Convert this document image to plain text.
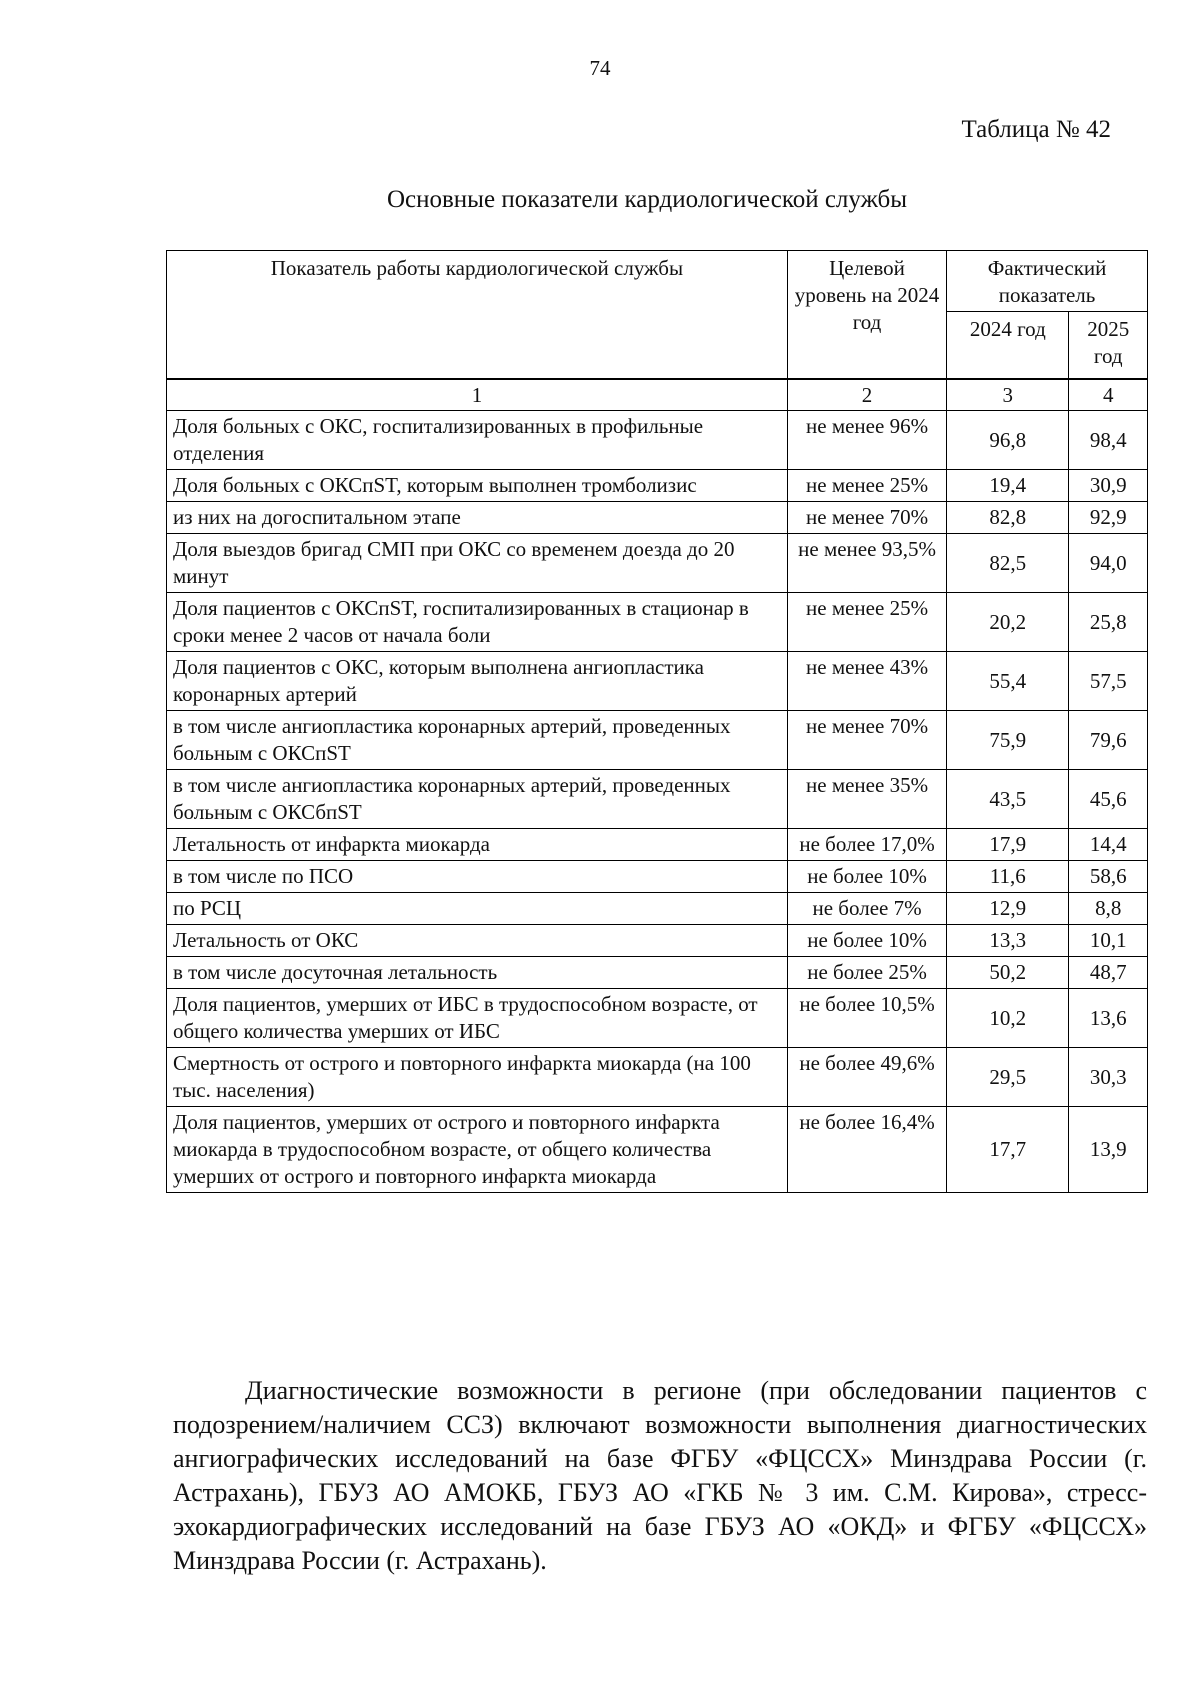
74
Таблица № 42
Основные показатели кардиологической службы
Показатель работы кардиологической службы	Целевой уровень на 2024 год	Фактический показатель	
		2024 год	2025 год
1	2	3	4
Доля больных с ОКС, госпитализированных в профильные отделения	не менее 96%	96,8	98,4
Доля больных с ОКСпST, которым выполнен тромболизис	не менее 25%	19,4	30,9
из них на догоспитальном этапе	не менее 70%	82,8	92,9
Доля выездов бригад СМП при ОКС со временем доезда до 20 минут	не менее 93,5%	82,5	94,0
Доля пациентов с ОКСпST, госпитализированных в стационар в сроки менее 2 часов от начала боли	не менее 25%	20,2	25,8
Доля пациентов с ОКС, которым выполнена ангиопластика коронарных артерий	не менее 43%	55,4	57,5
в том числе ангиопластика коронарных артерий, проведенных больным с ОКСпST	не менее 70%	75,9	79,6
в том числе ангиопластика коронарных артерий, проведенных больным с ОКСбпST	не менее 35%	43,5	45,6
Летальность от инфаркта миокарда	не более 17,0%	17,9	14,4
в том числе по ПСО	не более 10%	11,6	58,6
по РСЦ	не более 7%	12,9	8,8
Летальность от ОКС	не более 10%	13,3	10,1
в том числе досуточная летальность	не более 25%	50,2	48,7
Доля пациентов, умерших от ИБС в трудоспособном возрасте, от общего количества умерших от ИБС	не более 10,5%	10,2	13,6
Смертность от острого и повторного инфаркта миокарда (на 100 тыс. населения)	не более 49,6%	29,5	30,3
Доля пациентов, умерших от острого и повторного инфаркта миокарда в трудоспособном возрасте, от общего количества умерших от острого и повторного инфаркта миокарда	не более 16,4%	17,7	13,9
Диагностические возможности в регионе (при обследовании пациентов с подозрением/наличием ССЗ) включают возможности выполнения диагностических ангиографических исследований на базе ФГБУ «ФЦССХ» Минздрава России (г. Астрахань), ГБУЗ АО АМОКБ, ГБУЗ АО «ГКБ № 3 им. С.М. Кирова», стресс-эхокардиографических исследований на базе ГБУЗ АО «ОКД» и ФГБУ «ФЦССХ» Минздрава России (г. Астрахань).
